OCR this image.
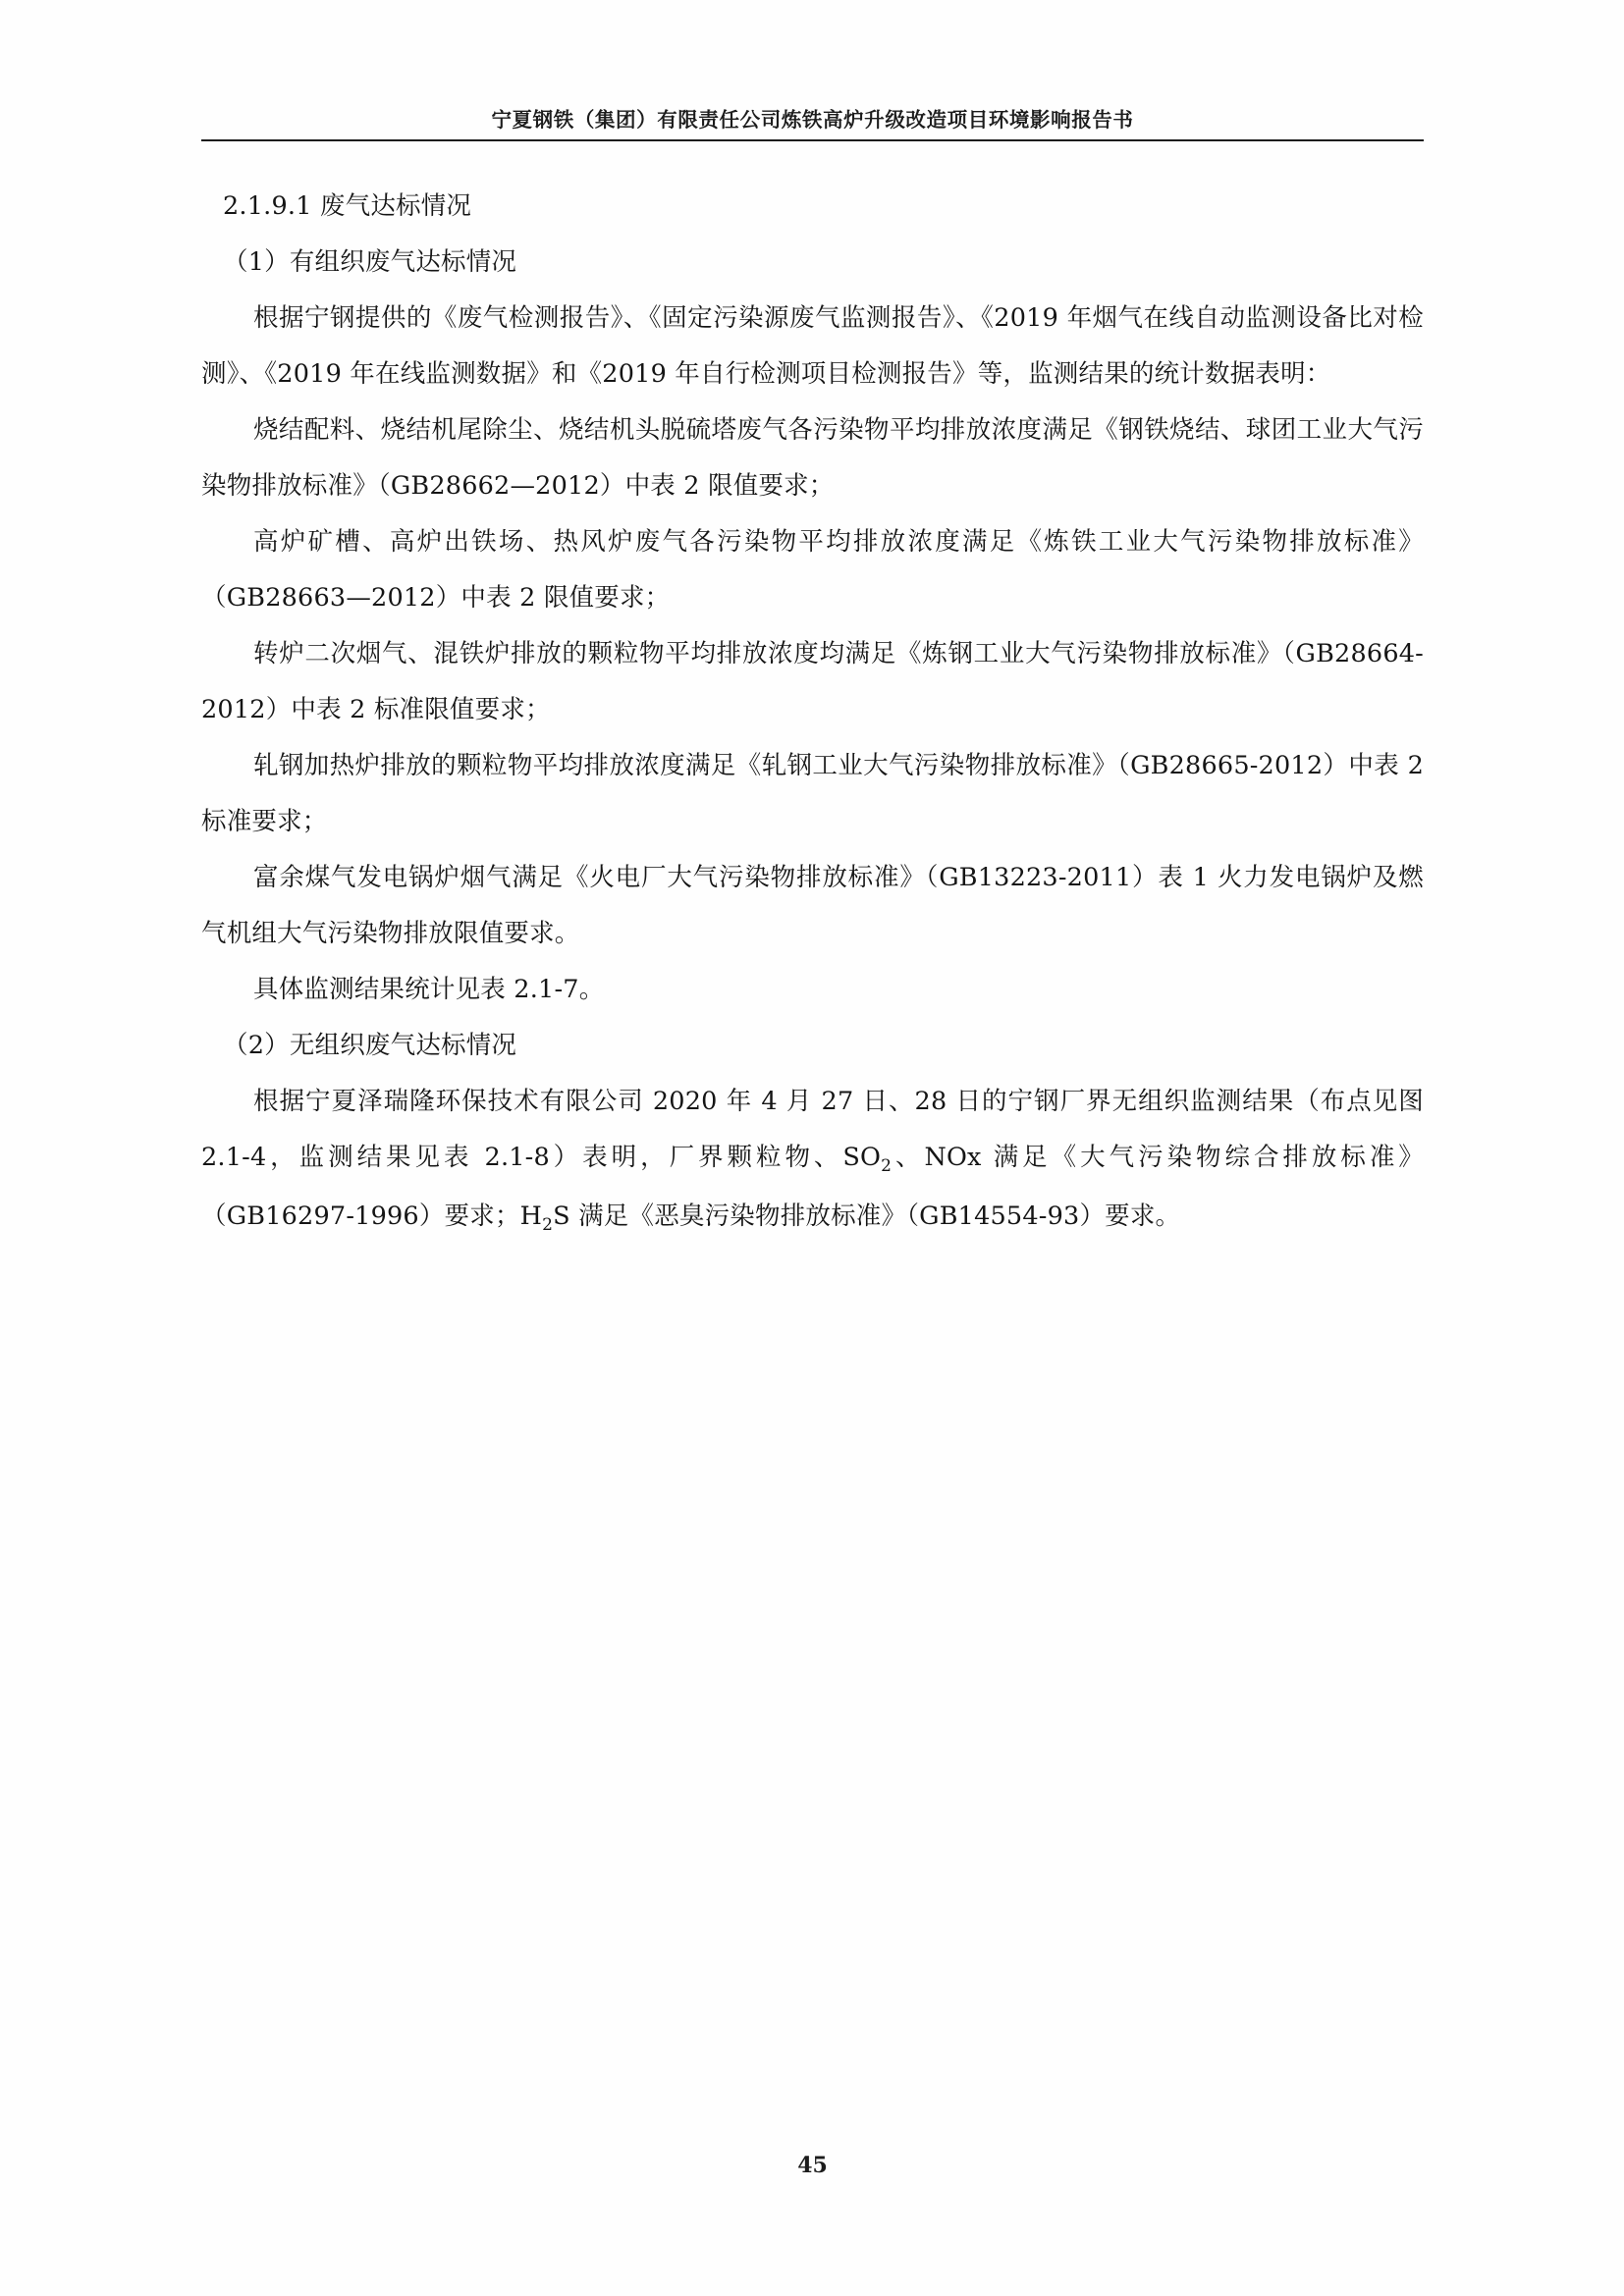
宁夏钢铁（集团）有限责任公司炼铁高炉升级改造项目环境影响报告书

2.1.9.1 废气达标情况

（1）有组织废气达标情况

根据宁钢提供的《废气检测报告》、《固定污染源废气监测报告》、《2019 年烟气在线自动监测设备比对检测》、《2019 年在线监测数据》和《2019 年自行检测项目检测报告》等，监测结果的统计数据表明：

烧结配料、烧结机尾除尘、烧结机头脱硫塔废气各污染物平均排放浓度满足《钢铁烧结、球团工业大气污染物排放标准》（GB28662—2012）中表 2 限值要求；

高炉矿槽、高炉出铁场、热风炉废气各污染物平均排放浓度满足《炼铁工业大气污染物排放标准》（GB28663—2012）中表 2 限值要求；

转炉二次烟气、混铁炉排放的颗粒物平均排放浓度均满足《炼钢工业大气污染物排放标准》（GB28664-2012）中表 2 标准限值要求；

轧钢加热炉排放的颗粒物平均排放浓度满足《轧钢工业大气污染物排放标准》（GB28665-2012）中表 2 标准要求；

富余煤气发电锅炉烟气满足《火电厂大气污染物排放标准》（GB13223-2011）表 1 火力发电锅炉及燃气机组大气污染物排放限值要求。

具体监测结果统计见表 2.1-7。

（2）无组织废气达标情况

根据宁夏泽瑞隆环保技术有限公司 2020 年 4 月 27 日、28 日的宁钢厂界无组织监测结果（布点见图 2.1-4，监测结果见表 2.1-8）表明，厂界颗粒物、$SO_2$、NOx 满足《大气污染物综合排放标准》（GB16297-1996）要求；$H_2S$ 满足《恶臭污染物排放标准》（GB14554-93）要求。

45
